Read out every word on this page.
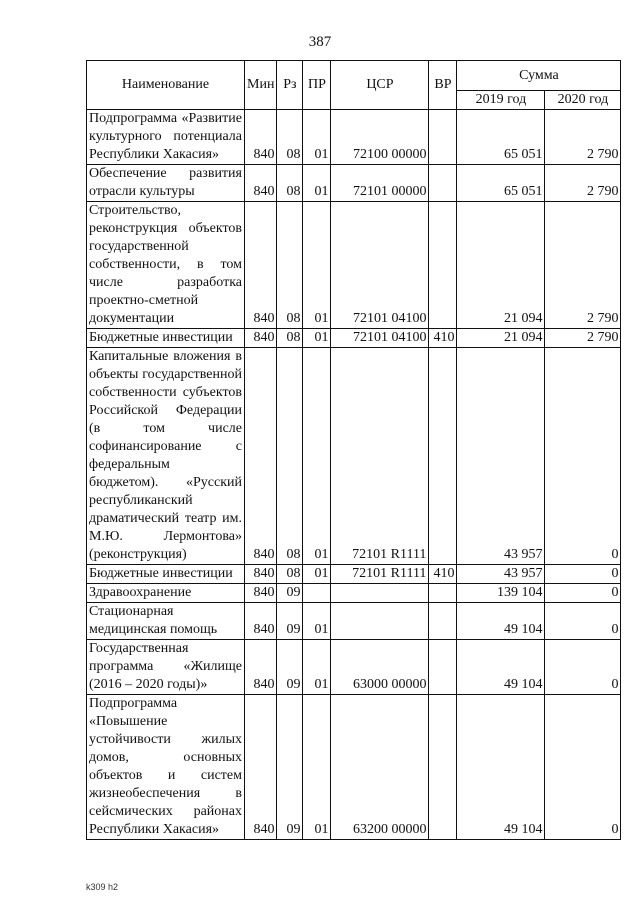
387
Наименование	Мин	Рз	ПР	ЦСР	ВР	Сумма	
						2019 год	2020 год
Подпрограмма «Развитие культурного потенциала Республики Хакасия»	840	08	01	72100 00000		65 051	2 790
Обеспечение развития отрасли культуры	840	08	01	72101 00000		65 051	2 790
Строительство, реконструкция объектов государственной собственности, в том числе разработка проектно-сметной документации	840	08	01	72101 04100		21 094	2 790
Бюджетные инвестиции	840	08	01	72101 04100	410	21 094	2 790
Капитальные вложения в объекты государственной собственности субъектов Российской Федерации (в том числе софинансирование с федеральным бюджетом). «Русский республиканский драматический театр им. М.Ю. Лермонтова» (реконструкция)	840	08	01	72101 R1111		43 957	0
Бюджетные инвестиции	840	08	01	72101 R1111	410	43 957	0
Здравоохранение	840	09				139 104	0
Стационарная медицинская помощь	840	09	01			49 104	0
Государственная программа «Жилище (2016 – 2020 годы)»	840	09	01	63000 00000		49 104	0
Подпрограмма «Повышение устойчивости жилых домов, основных объектов и систем жизнеобеспечения в сейсмических районах Республики Хакасия»	840	09	01	63200 00000		49 104	0
k309 h2
